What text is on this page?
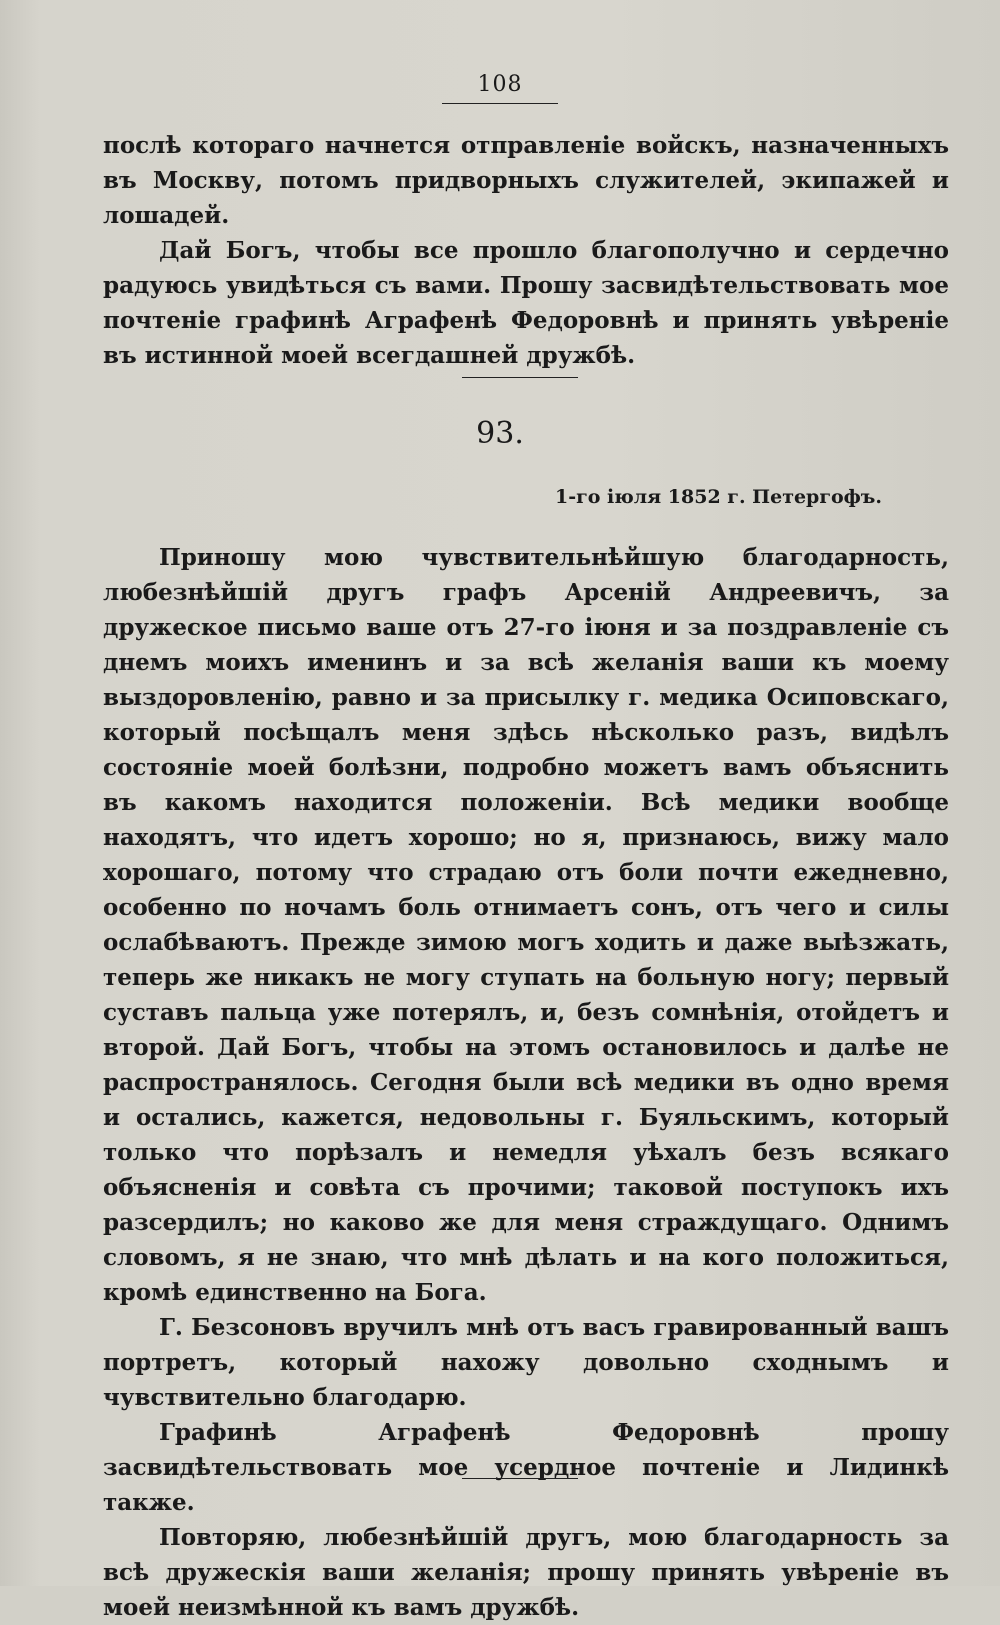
108

послѣ котораго начнется отправленіе войскъ, назначенныхъ въ Москву, потомъ придворныхъ служителей, экипажей и лошадей.

Дай Богъ, чтобы все прошло благополучно и сердечно радуюсь увидѣться съ вами. Прошу засвидѣтельствовать мое почтеніе графинѣ Аграфенѣ Федоровнѣ и принять увѣреніе въ истинной моей всегдашней дружбѣ.

93.
1-го іюля 1852 г. Петергофъ.

Приношу мою чувствительнѣйшую благодарность, любезнѣйшій другъ графъ Арсеній Андреевичъ, за дружеское письмо ваше отъ 27-го іюня и за поздравленіе съ днемъ моихъ именинъ и за всѣ желанія ваши къ моему выздоровленію, равно и за присылку г. медика Осиповскаго, который посѣщалъ меня здѣсь нѣсколько разъ, видѣлъ состояніе моей болѣзни, подробно можетъ вамъ объяснить въ какомъ находится положеніи. Всѣ медики вообще находятъ, что идетъ хорошо; но я, признаюсь, вижу мало хорошаго, потому что страдаю отъ боли почти ежедневно, особенно по ночамъ боль отнимаетъ сонъ, отъ чего и силы ослабѣваютъ. Прежде зимою могъ ходить и даже выѣзжать, теперь же никакъ не могу ступать на больную ногу; первый суставъ пальца уже потерялъ, и, безъ сомнѣнія, отойдетъ и второй. Дай Богъ, чтобы на этомъ остановилось и далѣе не распространялось. Сегодня были всѣ медики въ одно время и остались, кажется, недовольны г. Буяльскимъ, который только что порѣзалъ и немедля уѣхалъ безъ всякаго объясненія и совѣта съ прочими; таковой поступокъ ихъ разсердилъ; но каково же для меня страждущаго. Однимъ словомъ, я не знаю, что мнѣ дѣлать и на кого положиться, кромѣ единственно на Бога.

Г. Безсоновъ вручилъ мнѣ отъ васъ гравированный вашъ портретъ, который нахожу довольно сходнымъ и чувствительно благодарю.

Графинѣ Аграфенѣ Федоровнѣ прошу засвидѣтельствовать мое усердное почтеніе и Лидинкѣ также.

Повторяю, любезнѣйшій другъ, мою благодарность за всѣ дружескія ваши желанія; прошу принять увѣреніе въ моей неизмѣнной къ вамъ дружбѣ.
